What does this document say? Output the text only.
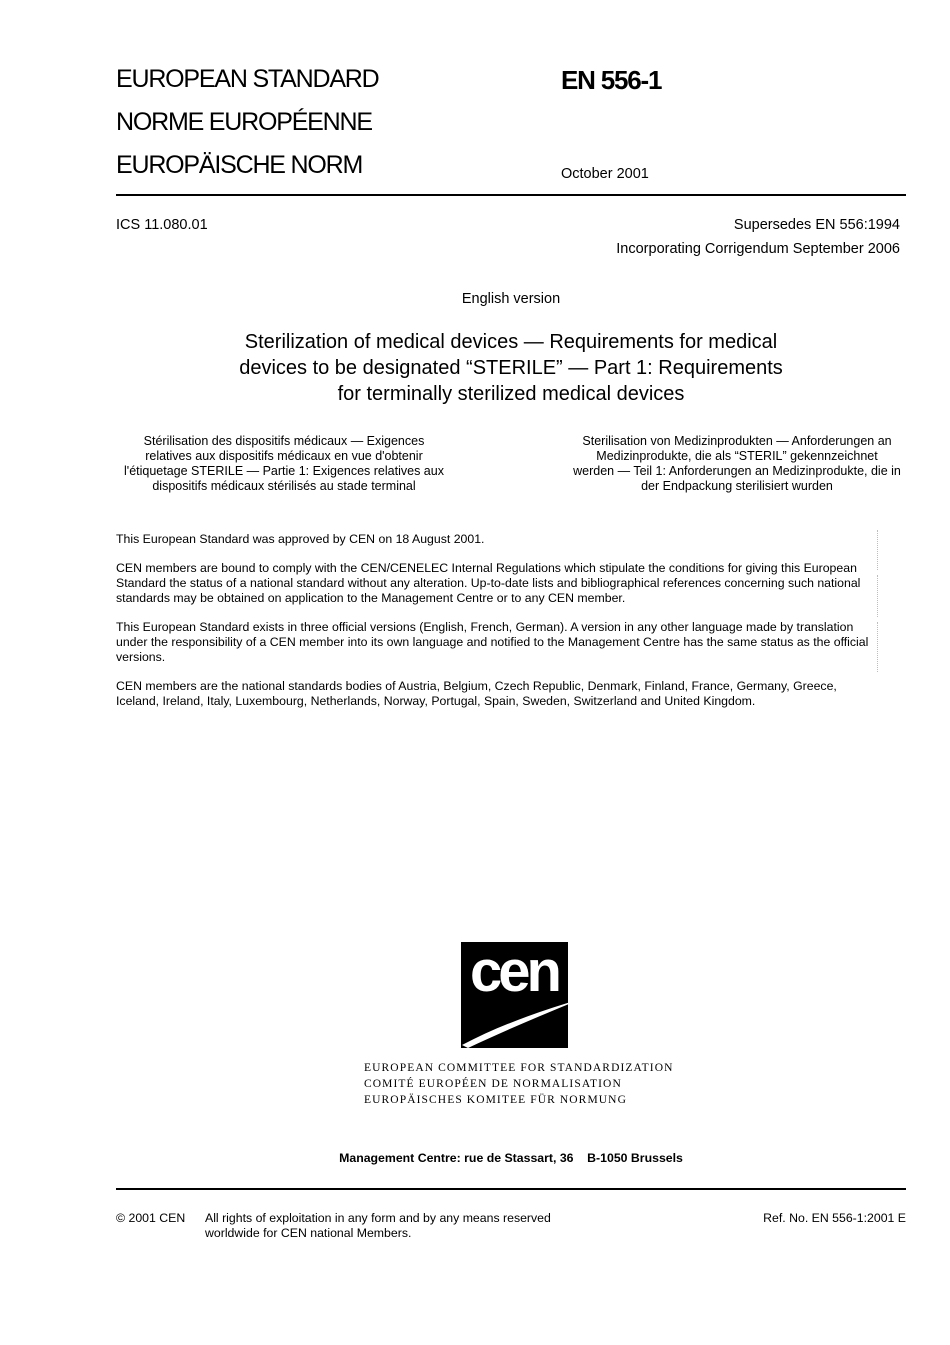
EUROPEAN STANDARD
NORME EUROPÉENNE
EUROPÄISCHE NORM
EN 556-1
October 2001
ICS 11.080.01	Supersedes EN 556:1994
Incorporating Corrigendum September 2006
English version
Sterilization of medical devices — Requirements for medical
devices to be designated “STERILE” — Part 1: Requirements
for terminally sterilized medical devices
Stérilisation des dispositifs médicaux — Exigences
relatives aux dispositifs médicaux en vue d'obtenir
l'étiquetage STERILE — Partie 1: Exigences relatives aux
dispositifs médicaux stérilisés au stade terminal
Sterilisation von Medizinprodukten — Anforderungen an
Medizinprodukte, die als “STERIL” gekennzeichnet
werden — Teil 1: Anforderungen an Medizinprodukte, die in
der Endpackung sterilisiert wurden
This European Standard was approved by CEN on 18 August 2001.
CEN members are bound to comply with the CEN/CENELEC Internal Regulations which stipulate the conditions for giving this European
Standard the status of a national standard without any alteration. Up-to-date lists and bibliographical references concerning such national
standards may be obtained on application to the Management Centre or to any CEN member.
This European Standard exists in three official versions (English, French, German). A version in any other language made by translation
under the responsibility of a CEN member into its own language and notified to the Management Centre has the same status as the official
versions.
CEN members are the national standards bodies of Austria, Belgium, Czech Republic, Denmark, Finland, France, Germany, Greece,
Iceland, Ireland, Italy, Luxembourg, Netherlands, Norway, Portugal, Spain, Sweden, Switzerland and United Kingdom.
cen
EUROPEAN COMMITTEE FOR STANDARDIZATION
COMITÉ EUROPÉEN DE NORMALISATION
EUROPÄISCHES KOMITEE FÜR NORMUNG
Management Centre: rue de Stassart, 36    B-1050 Brussels
© 2001 CEN All rights of exploitation in any form and by any means reserved
worldwide for CEN national Members.
Ref. No. EN 556-1:2001 E
